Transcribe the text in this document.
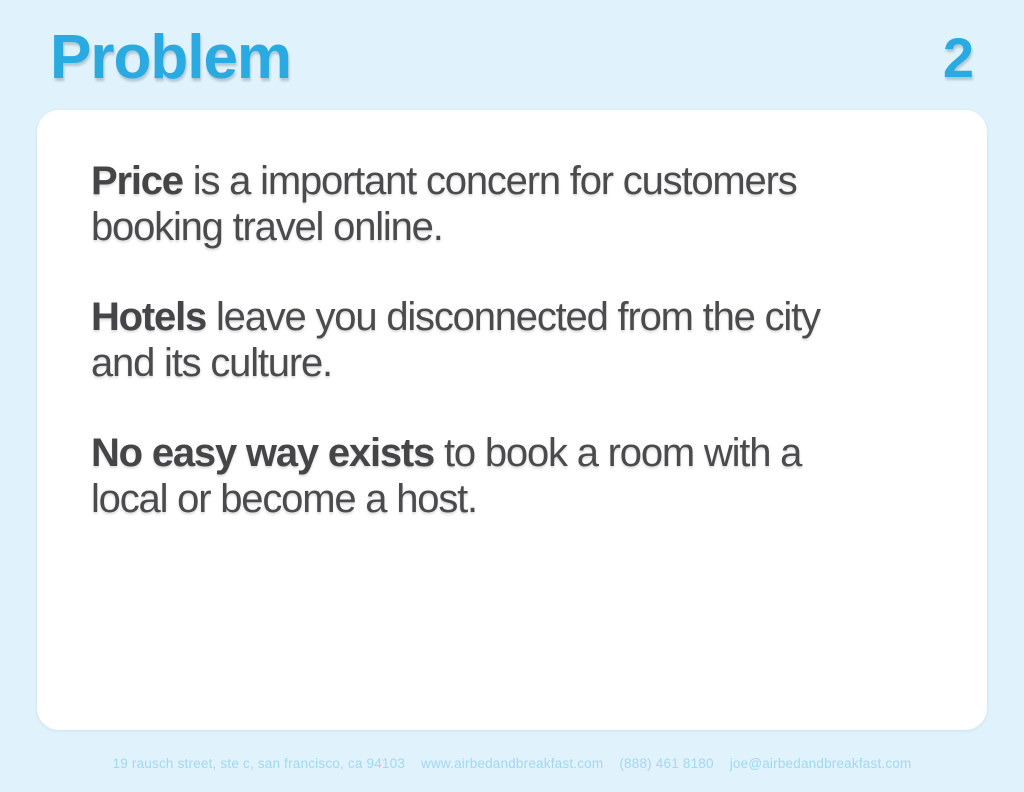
Problem	2

Price is a important concern for customers
booking travel online.

Hotels leave you disconnected from the city
and its culture.

No easy way exists to book a room with a
local or become a host.

19 rausch street, ste c, san francisco, ca 94103 www.airbedandbreakfast.com (888) 461 8180 joe@airbedandbreakfast.com
